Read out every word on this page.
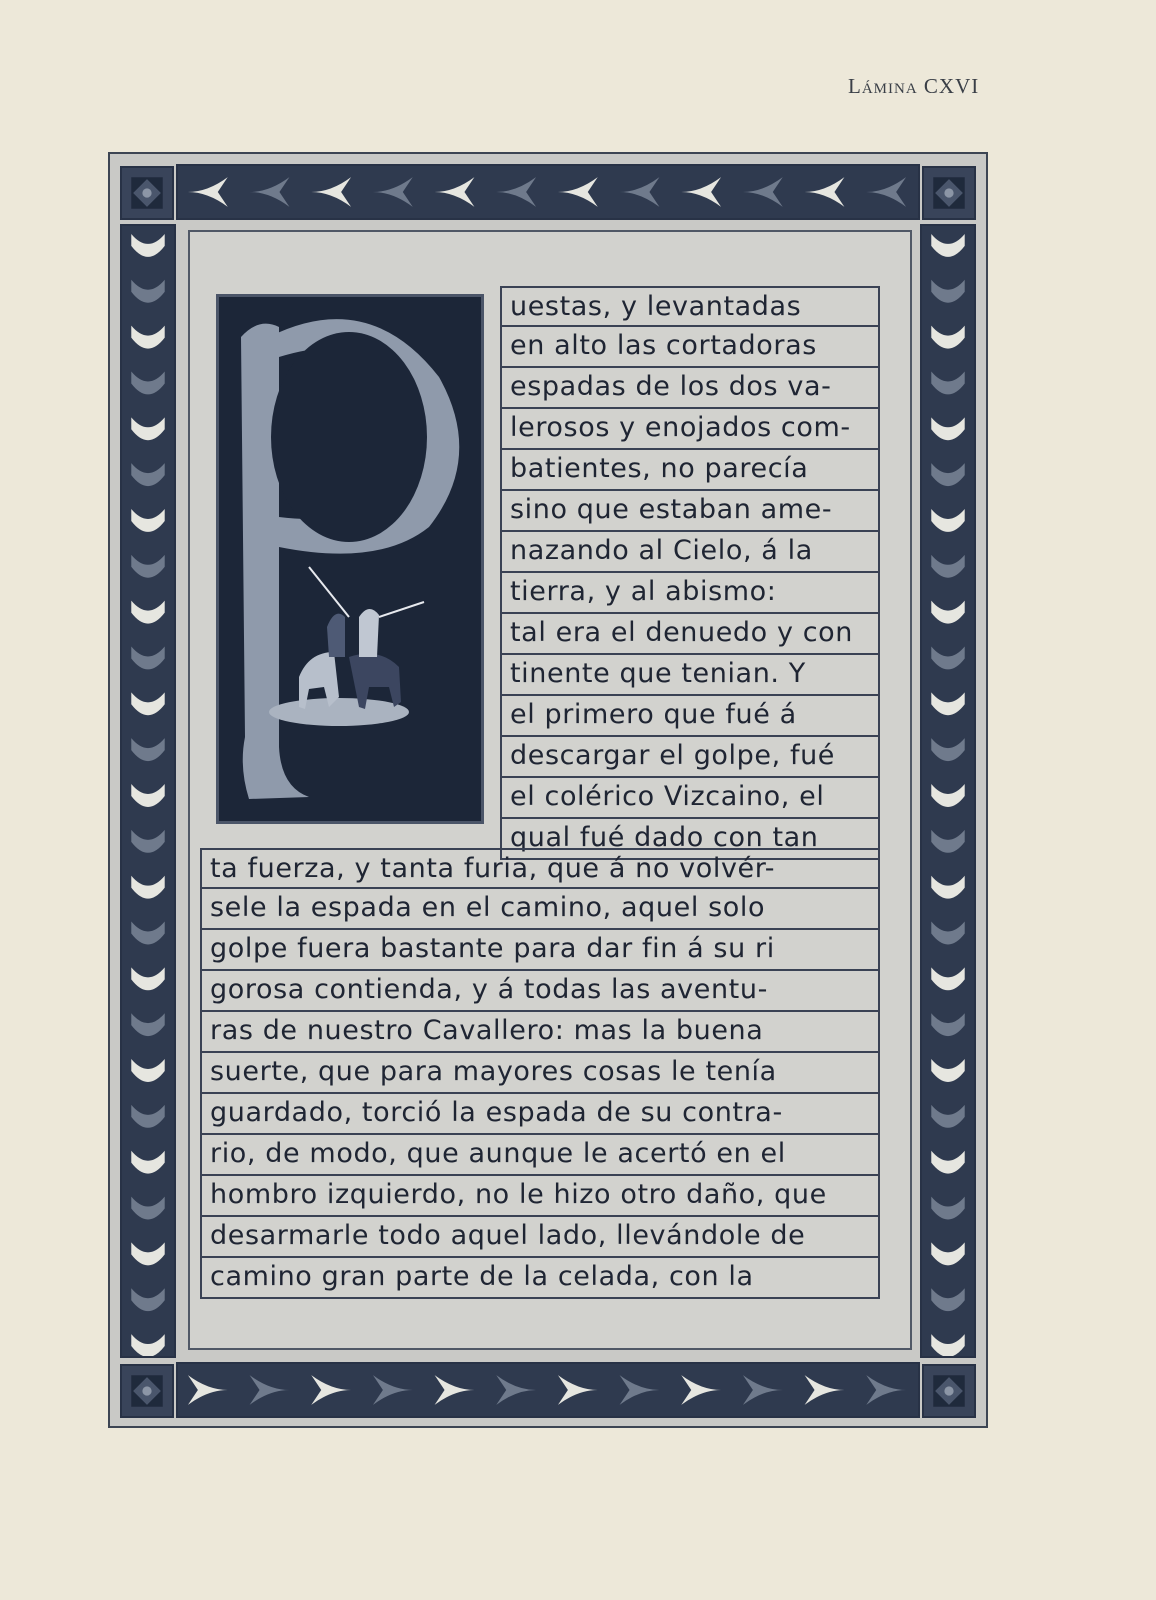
Lámina CXVI
uestas, y levantadas
en alto las cortadoras
espadas de los dos va-
lerosos y enojados com-
batientes, no parecía
sino que estaban ame-
nazando al Cielo, á la
tierra, y al abismo:
tal era el denuedo y con
tinente que tenian. Y
el primero que fué á
descargar el golpe, fué
el colérico Vizcaino, el
qual fué dado con tan
ta fuerza, y tanta furia, que á no volvér-
sele la espada en el camino, aquel solo
golpe fuera bastante para dar fin á su ri
gorosa contienda, y á todas las aventu-
ras de nuestro Cavallero: mas la buena
suerte, que para mayores cosas le tenía
guardado, torció la espada de su contra-
rio, de modo, que aunque le acertó en el
hombro izquierdo, no le hizo otro daño, que
desarmarle todo aquel lado, llevándole de
camino gran parte de la celada, con la
